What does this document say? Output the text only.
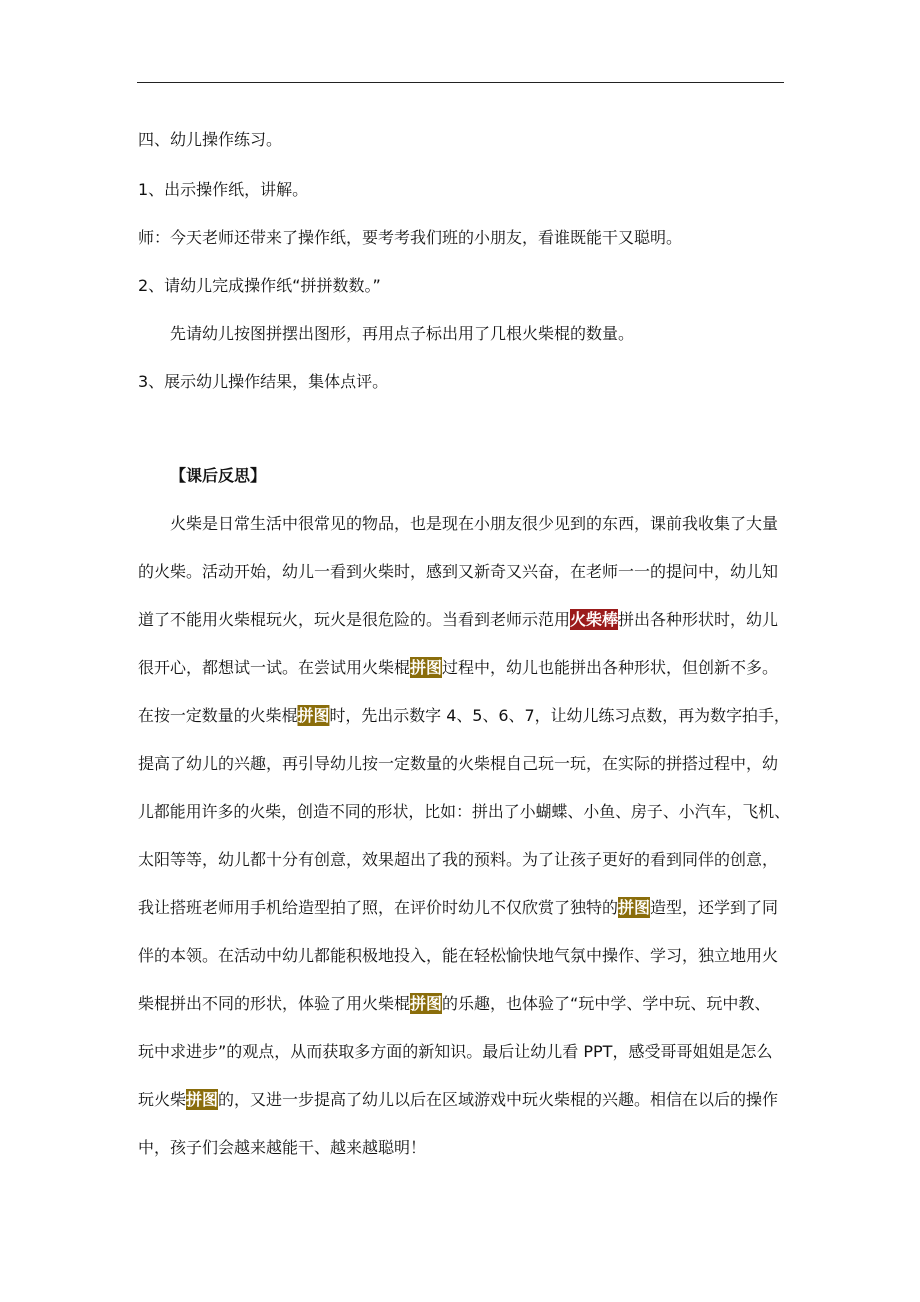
四、幼儿操作练习。
1、出示操作纸，讲解。
师：今天老师还带来了操作纸，要考考我们班的小朋友，看谁既能干又聪明。
2、请幼儿完成操作纸“拼拼数数。”
先请幼儿按图拼摆出图形，再用点子标出用了几根火柴棍的数量。
3、展示幼儿操作结果，集体点评。
【课后反思】
火柴是日常生活中很常见的物品，也是现在小朋友很少见到的东西，课前我收集了大量
的火柴。活动开始，幼儿一看到火柴时，感到又新奇又兴奋，在老师一一的提问中，幼儿知
道了不能用火柴棍玩火，玩火是很危险的。当看到老师示范用火柴棒拼出各种形状时，幼儿
很开心，都想试一试。在尝试用火柴棍拼图过程中，幼儿也能拼出各种形状，但创新不多。
在按一定数量的火柴棍拼图时，先出示数字 4、5、6、7，让幼儿练习点数，再为数字拍手，
提高了幼儿的兴趣，再引导幼儿按一定数量的火柴棍自己玩一玩，在实际的拼搭过程中，幼
儿都能用许多的火柴，创造不同的形状，比如：拼出了小蝴蝶、小鱼、房子、小汽车，飞机、
太阳等等，幼儿都十分有创意，效果超出了我的预料。为了让孩子更好的看到同伴的创意，
我让搭班老师用手机给造型拍了照，在评价时幼儿不仅欣赏了独特的拼图造型，还学到了同
伴的本领。在活动中幼儿都能积极地投入，能在轻松愉快地气氛中操作、学习，独立地用火
柴棍拼出不同的形状，体验了用火柴棍拼图的乐趣，也体验了“玩中学、学中玩、玩中教、
玩中求进步”的观点，从而获取多方面的新知识。最后让幼儿看 PPT，感受哥哥姐姐是怎么
玩火柴拼图的，又进一步提高了幼儿以后在区域游戏中玩火柴棍的兴趣。相信在以后的操作
中，孩子们会越来越能干、越来越聪明！
